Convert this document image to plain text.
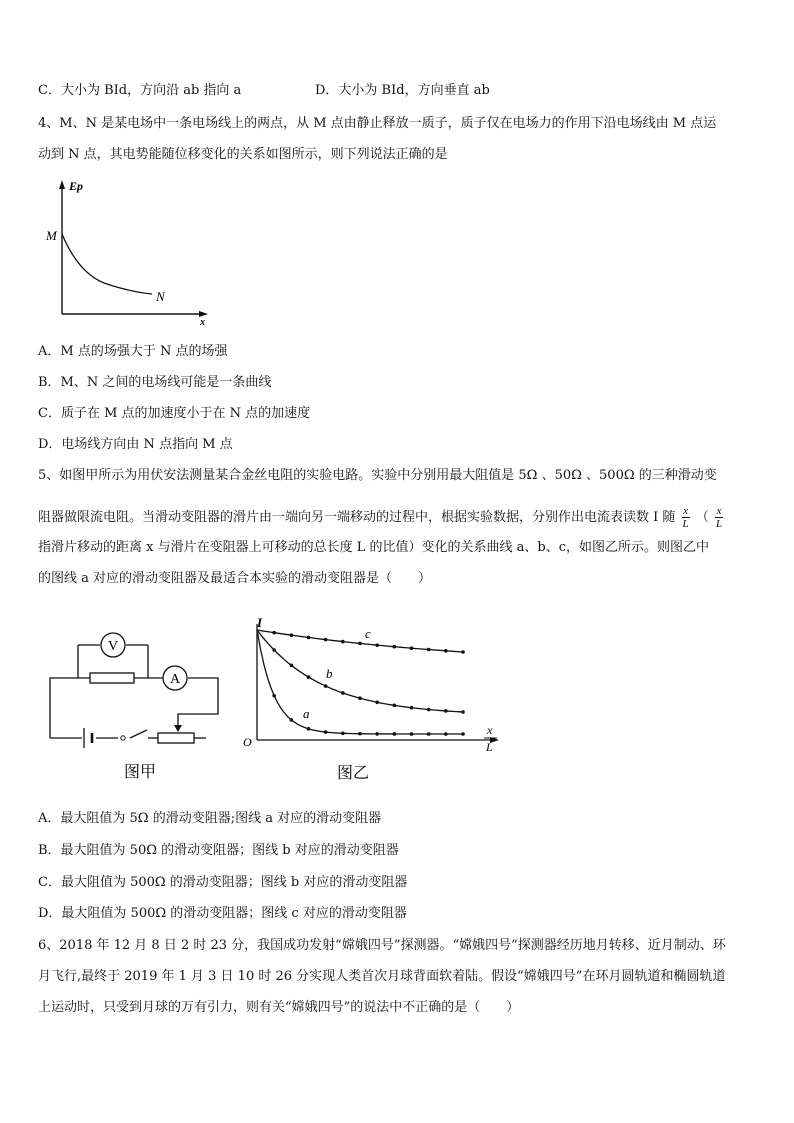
C．大小为 BId，方向沿 ab 指向 a	D．大小为 BId，方向垂直 ab
4、M、N 是某电场中一条电场线上的两点，从 M 点由静止释放一质子，质子仅在电场力的作用下沿电场线由 M 点运
动到 N 点，其电势能随位移变化的关系如图所示，则下列说法正确的是
Ep
M
N
x
A．M 点的场强大于 N 点的场强
B．M、N 之间的电场线可能是一条曲线
C．质子在 M 点的加速度小于在 N 点的加速度
D．电场线方向由 N 点指向 M 点
5、如图甲所示为用伏安法测量某合金丝电阻的实验电路。实验中分别用最大阻值是 5Ω 、50Ω 、500Ω 的三种滑动变
阻器做限流电阻。当滑动变阻器的滑片由一端向另一端移动的过程中，根据实验数据，分别作出电流表读数 I 随 $\frac{x}{L}$ （ $\frac{x}{L}$
指滑片移动的距离 x 与滑片在变阻器上可移动的总长度 L 的比值）变化的关系曲线 a、b、c，如图乙所示。则图乙中
的图线 a 对应的滑动变阻器及最适合本实验的滑动变阻器是（　　）
V
A
图甲
I
O
x
L
c
b
a
图乙
A．最大阻值为 5Ω 的滑动变阻器;图线 a 对应的滑动变阻器
B．最大阻值为 50Ω 的滑动变阻器；图线 b 对应的滑动变阻器
C．最大阻值为 500Ω 的滑动变阻器；图线 b 对应的滑动变阻器
D．最大阻值为 500Ω 的滑动变阻器；图线 c 对应的滑动变阻器
6、2018 年 12 月 8 日 2 时 23 分，我国成功发射“嫦娥四号”探测器。“嫦娥四号”探测器经历地月转移、近月制动、环
月飞行,最终于 2019 年 1 月 3 日 10 时 26 分实现人类首次月球背面软着陆。假设“嫦娥四号”在环月圆轨道和椭圆轨道
上运动时，只受到月球的万有引力，则有关“嫦娥四号”的说法中不正确的是（　　）
